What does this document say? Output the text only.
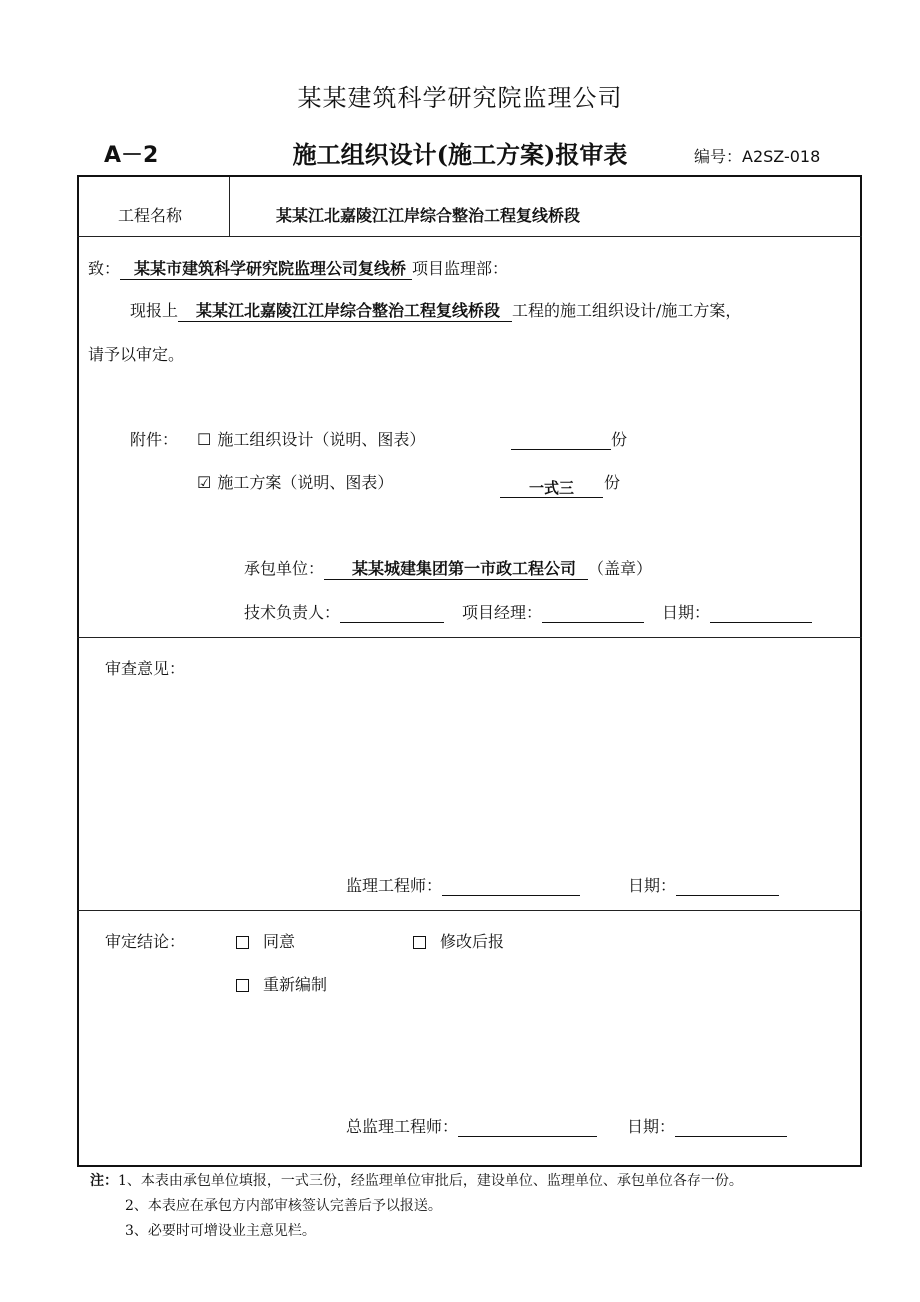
某某建筑科学研究院监理公司
A－2	施工组织设计(施工方案)报审表	编号：A2SZ-018
工程名称	某某江北嘉陵江江岸综合整治工程复线桥段
致： 某某市建筑科学研究院监理公司复线桥 项目监理部：
现报上 某某江北嘉陵江江岸综合整治工程复线桥段 工程的施工组织设计/施工方案，
请予以审定。
附件： ☐ 施工组织设计（说明、图表）	份
☑ 施工方案（说明、图表）	一式三	份
承包单位： 某某城建集团第一市政工程公司 （盖章）
技术负责人：	项目经理：	日期：
审查意见：
监理工程师：	日期：
审定结论：	同意	修改后报
重新编制
总监理工程师：	日期：
注：1、本表由承包单位填报，一式三份，经监理单位审批后，建设单位、监理单位、承包单位各存一份。
2、本表应在承包方内部审核签认完善后予以报送。
3、必要时可增设业主意见栏。
